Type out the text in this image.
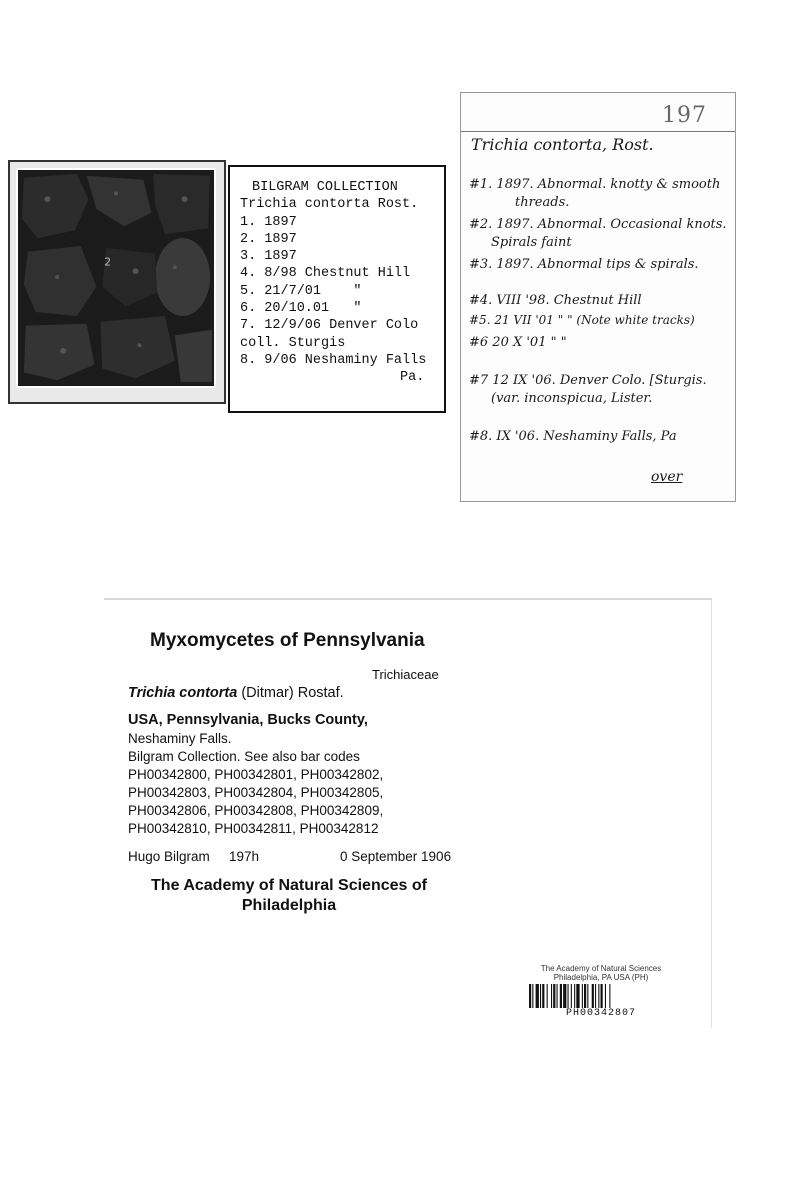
2
BILGRAM COLLECTION
Trichia contorta Rost.
1. 1897
2. 1897
3. 1897
4. 8/98 Chestnut Hill
5. 21/7/01    "
6. 20/10.01   "
7. 12/9/06 Denver Colo
coll. Sturgis
8. 9/06 Neshaminy Falls
Pa.
197
Trichia contorta, Rost.
#1. 1897. Abnormal. knotty & smooth
threads.
#2. 1897. Abnormal. Occasional knots.
Spirals faint
#3. 1897. Abnormal tips & spirals.
#4. VIII '98. Chestnut Hill
#5. 21 VII '01 " " (Note white tracks)
#6 20 X '01 " "
#7 12 IX '06. Denver Colo. [Sturgis.
(var. inconspicua, Lister.
#8. IX '06. Neshaminy Falls, Pa
over
Myxomycetes of Pennsylvania
Trichiaceae
Trichia contorta (Ditmar) Rostaf.
USA, Pennsylvania, Bucks County,
Neshaminy Falls.
Bilgram Collection. See also bar codes
PH00342800, PH00342801, PH00342802,
PH00342803, PH00342804, PH00342805,
PH00342806, PH00342808, PH00342809,
PH00342810, PH00342811, PH00342812
Hugo Bilgram 197h	0 September 1906
The Academy of Natural Sciences of
Philadelphia
The Academy of Natural Sciences
Philadelphia, PA USA (PH)
PH00342807
